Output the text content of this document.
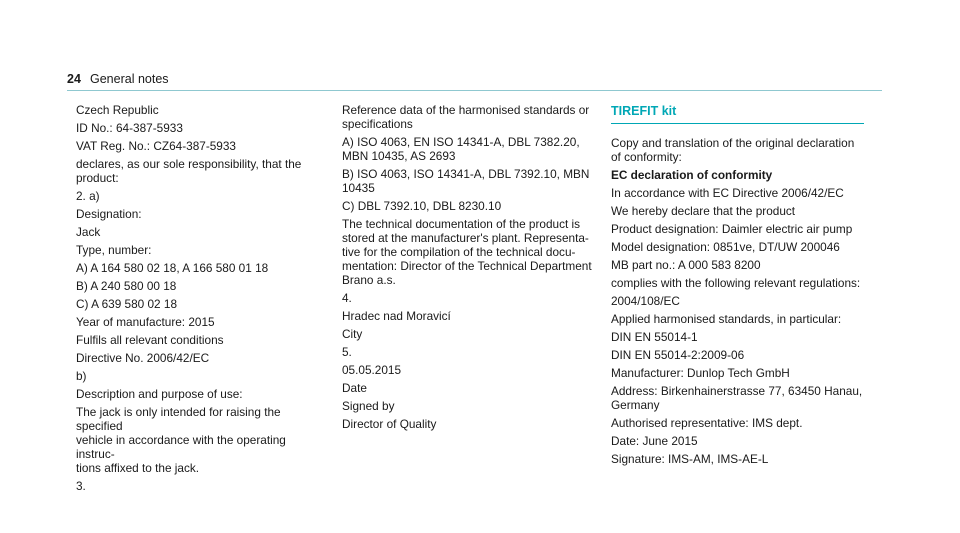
24 General notes

Czech Republic

ID No.: 64-387-5933

VAT Reg. No.: CZ64-387-5933

declares, as our sole responsibility, that the
product:

2. a)

Designation:

Jack

Type, number:

A) A 164 580 02 18, A 166 580 01 18

B) A 240 580 00 18

C) A 639 580 02 18

Year of manufacture: 2015

Fulfils all relevant conditions

Directive No. 2006/42/EC

b)

Description and purpose of use:

The jack is only intended for raising the specified
vehicle in accordance with the operating instruc-
tions affixed to the jack.

3.

Reference data of the harmonised standards or
specifications

A) ISO 4063, EN ISO 14341-A, DBL 7382.20,
MBN 10435, AS 2693

B) ISO 4063, ISO 14341-A, DBL 7392.10, MBN
10435

C) DBL 7392.10, DBL 8230.10

The technical documentation of the product is
stored at the manufacturer's plant. Representa-
tive for the compilation of the technical docu-
mentation: Director of the Technical Department
Brano a.s.

4.

Hradec nad Moravicí

City

5.

05.05.2015

Date

Signed by

Director of Quality

TIREFIT kit

Copy and translation of the original declaration
of conformity:

EC declaration of conformity

In accordance with EC Directive 2006/42/EC

We hereby declare that the product

Product designation: Daimler electric air pump

Model designation: 0851ve, DT/UW 200046

MB part no.: A 000 583 8200

complies with the following relevant regulations:

2004/108/EC

Applied harmonised standards, in particular:

DIN EN 55014-1

DIN EN 55014-2:2009-06

Manufacturer: Dunlop Tech GmbH

Address: Birkenhainerstrasse 77, 63450 Hanau,
Germany

Authorised representative: IMS dept.

Date: June 2015

Signature: IMS-AM, IMS-AE-L
